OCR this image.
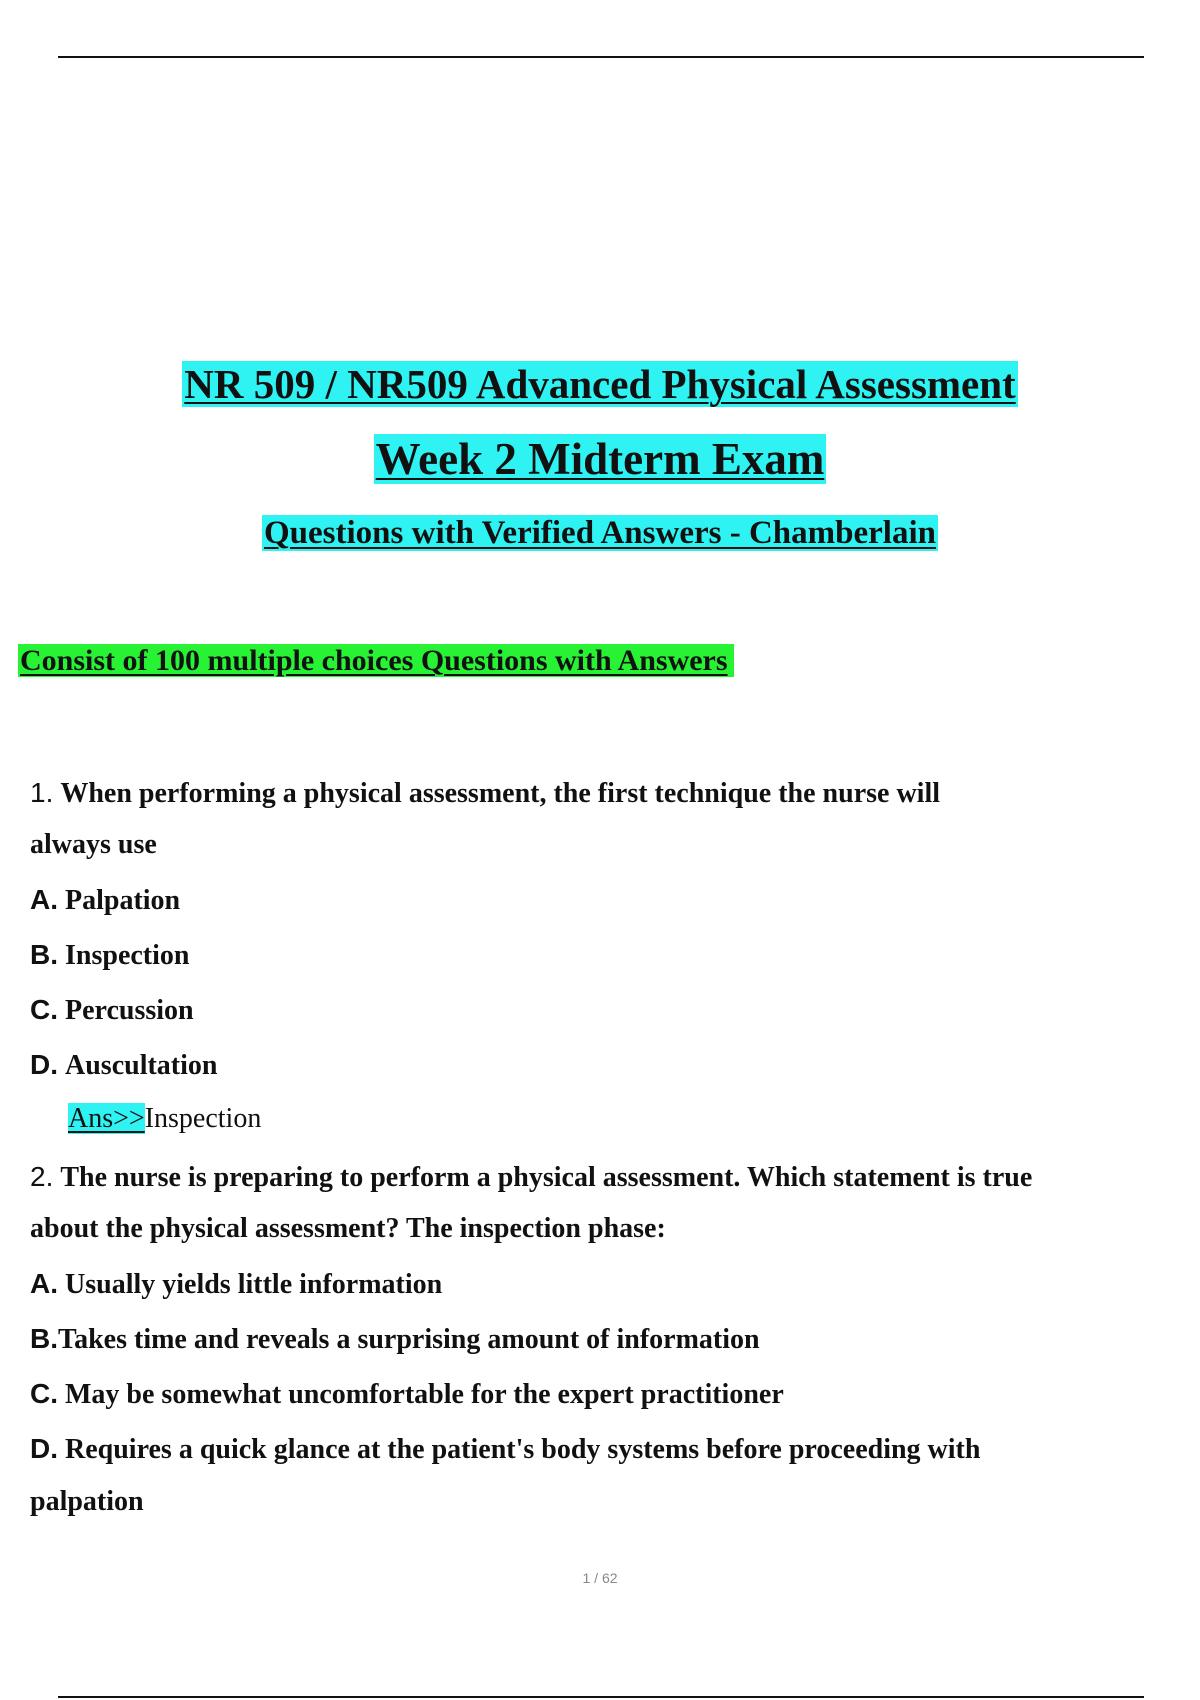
NR 509 / NR509 Advanced Physical Assessment
Week 2 Midterm Exam
Questions with Verified Answers - Chamberlain
Consist of 100 multiple choices Questions with Answers
1. When performing a physical assessment, the first technique the nurse will
always use
A. Palpation
B. Inspection
C. Percussion
D. Auscultation
Ans>>Inspection
2. The nurse is preparing to perform a physical assessment. Which statement is true
about the physical assessment? The inspection phase:
A. Usually yields little information
B.Takes time and reveals a surprising amount of information
C. May be somewhat uncomfortable for the expert practitioner
D. Requires a quick glance at the patient's body systems before proceeding with
palpation
1 / 62
